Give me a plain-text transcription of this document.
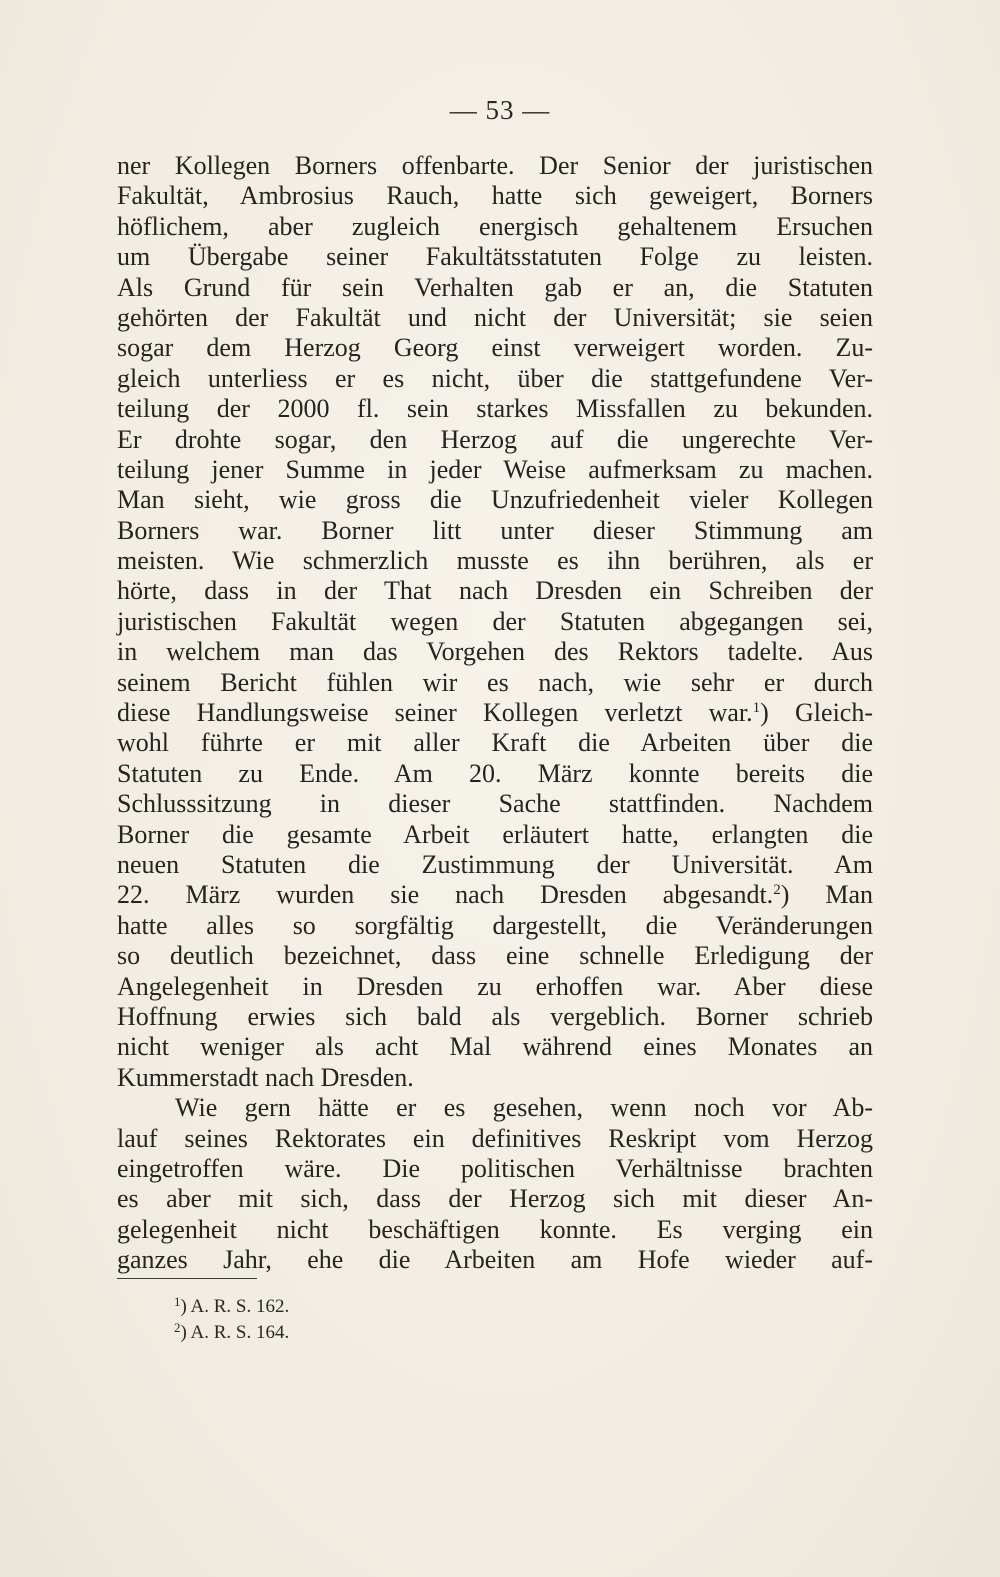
— 53 —
ner Kollegen Borners offenbarte. Der Senior der juristischen
Fakultät, Ambrosius Rauch, hatte sich geweigert, Borners
höflichem, aber zugleich energisch gehaltenem Ersuchen
um Übergabe seiner Fakultätsstatuten Folge zu leisten.
Als Grund für sein Verhalten gab er an, die Statuten
gehörten der Fakultät und nicht der Universität; sie seien
sogar dem Herzog Georg einst verweigert worden. Zu-
gleich unterliess er es nicht, über die stattgefundene Ver-
teilung der 2000 fl. sein starkes Missfallen zu bekunden.
Er drohte sogar, den Herzog auf die ungerechte Ver-
teilung jener Summe in jeder Weise aufmerksam zu machen.
Man sieht, wie gross die Unzufriedenheit vieler Kollegen
Borners war. Borner litt unter dieser Stimmung am
meisten. Wie schmerzlich musste es ihn berühren, als er
hörte, dass in der That nach Dresden ein Schreiben der
juristischen Fakultät wegen der Statuten abgegangen sei,
in welchem man das Vorgehen des Rektors tadelte. Aus
seinem Bericht fühlen wir es nach, wie sehr er durch
diese Handlungsweise seiner Kollegen verletzt war.$^1$) Gleich-
wohl führte er mit aller Kraft die Arbeiten über die
Statuten zu Ende. Am 20. März konnte bereits die
Schlusssitzung in dieser Sache stattfinden. Nachdem
Borner die gesamte Arbeit erläutert hatte, erlangten die
neuen Statuten die Zustimmung der Universität. Am
22. März wurden sie nach Dresden abgesandt.$^2$) Man
hatte alles so sorgfältig dargestellt, die Veränderungen
so deutlich bezeichnet, dass eine schnelle Erledigung der
Angelegenheit in Dresden zu erhoffen war. Aber diese
Hoffnung erwies sich bald als vergeblich. Borner schrieb
nicht weniger als acht Mal während eines Monates an
Kummerstadt nach Dresden.
Wie gern hätte er es gesehen, wenn noch vor Ab-
lauf seines Rektorates ein definitives Reskript vom Herzog
eingetroffen wäre. Die politischen Verhältnisse brachten
es aber mit sich, dass der Herzog sich mit dieser An-
gelegenheit nicht beschäftigen konnte. Es verging ein
ganzes Jahr, ehe die Arbeiten am Hofe wieder auf-
$^1$) A. R. S. 162.
$^2$) A. R. S. 164.
